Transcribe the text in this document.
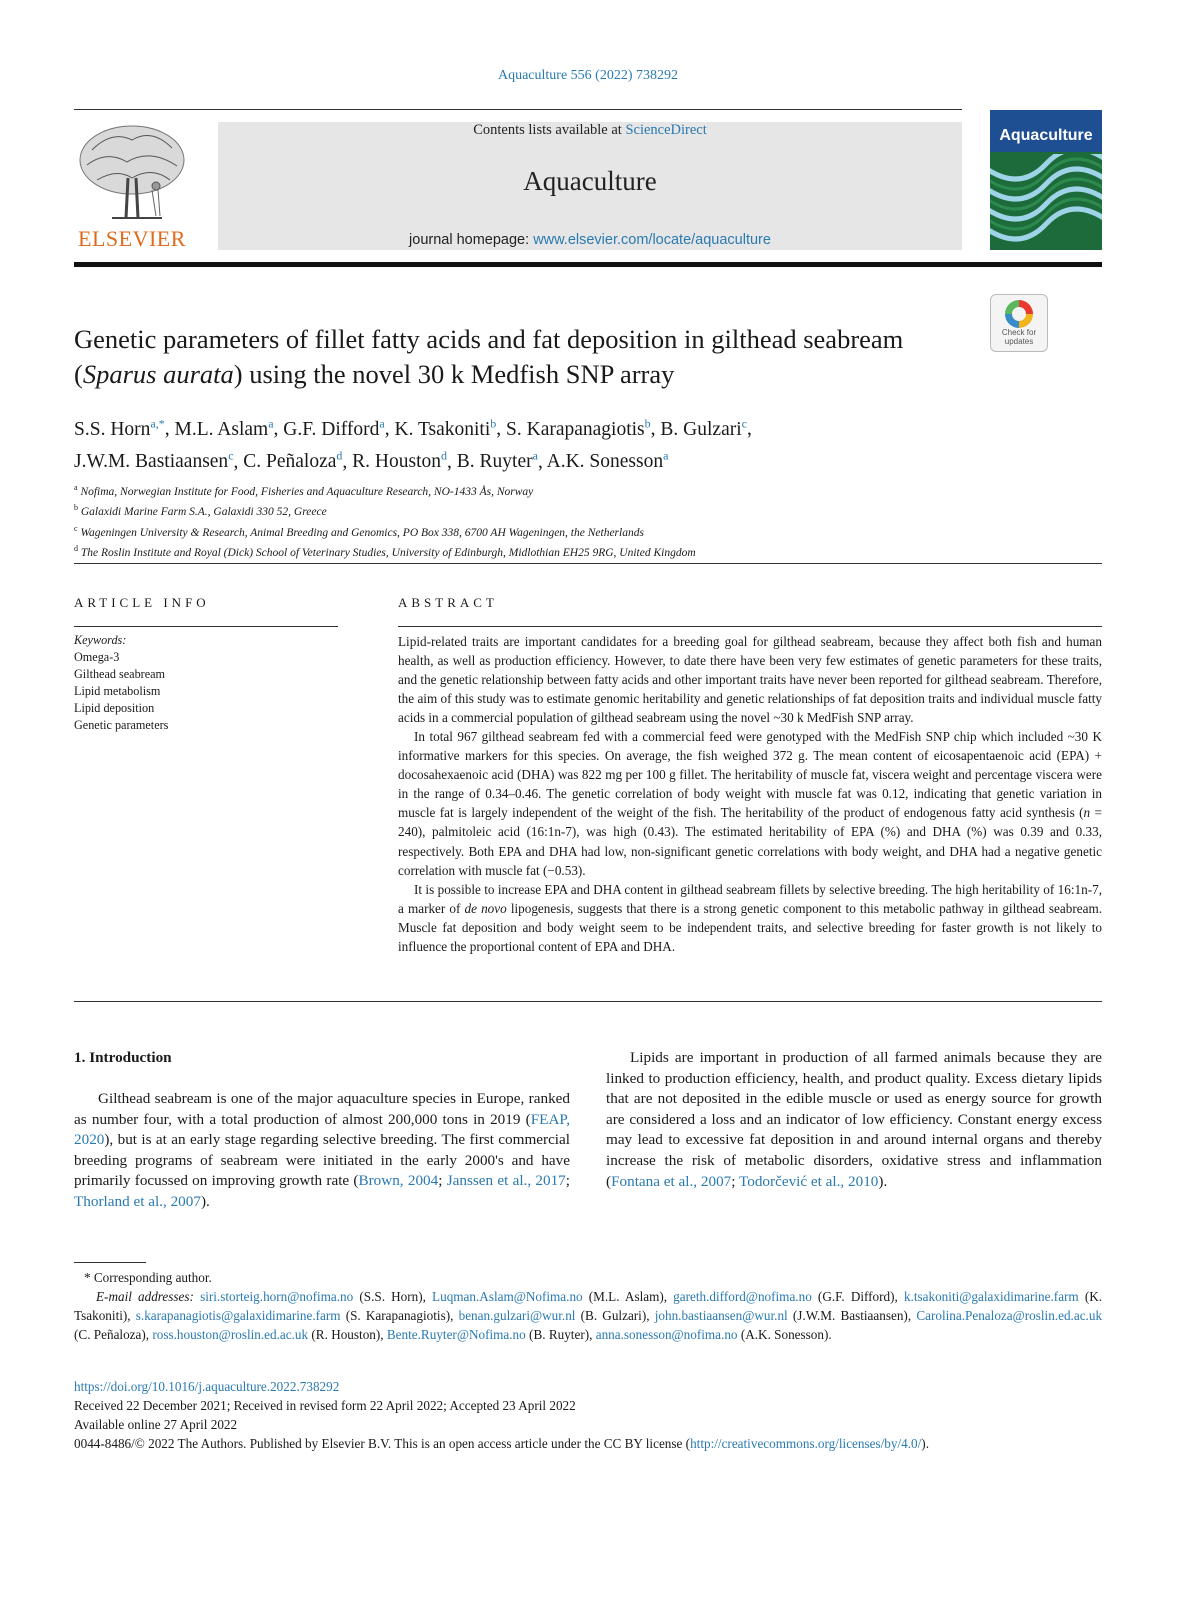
Aquaculture 556 (2022) 738292
ELSEVIER
Contents lists available at ScienceDirect
Aquaculture
journal homepage: www.elsevier.com/locate/aquaculture
Aquaculture
Check for updates
Genetic parameters of fillet fatty acids and fat deposition in gilthead seabream (Sparus aurata) using the novel 30 k Medfish SNP array
S.S. Horn$^{a,*}$, M.L. Aslam$^a$, G.F. Difford$^a$, K. Tsakoniti$^b$, S. Karapanagiotis$^b$, B. Gulzari$^c$,
J.W.M. Bastiaansen$^c$, C. Peñaloza$^d$, R. Houston$^d$, B. Ruyter$^a$, A.K. Sonesson$^a$
$^a$ Nofima, Norwegian Institute for Food, Fisheries and Aquaculture Research, NO-1433 Ås, Norway
$^b$ Galaxidi Marine Farm S.A., Galaxidi 330 52, Greece
$^c$ Wageningen University & Research, Animal Breeding and Genomics, PO Box 338, 6700 AH Wageningen, the Netherlands
$^d$ The Roslin Institute and Royal (Dick) School of Veterinary Studies, University of Edinburgh, Midlothian EH25 9RG, United Kingdom
ARTICLE INFO	ABSTRACT
Keywords:
Omega-3
Gilthead seabream
Lipid metabolism
Lipid deposition
Genetic parameters

Lipid-related traits are important candidates for a breeding goal for gilthead seabream, because they affect both fish and human health, as well as production efficiency. However, to date there have been very few estimates of genetic parameters for these traits, and the genetic relationship between fatty acids and other important traits have never been reported for gilthead seabream. Therefore, the aim of this study was to estimate genomic heritability and genetic relationships of fat deposition traits and individual muscle fatty acids in a commercial population of gilthead seabream using the novel ~30 k MedFish SNP array.

In total 967 gilthead seabream fed with a commercial feed were genotyped with the MedFish SNP chip which included ~30 K informative markers for this species. On average, the fish weighed 372 g. The mean content of eicosapentaenoic acid (EPA) + docosahexaenoic acid (DHA) was 822 mg per 100 g fillet. The heritability of muscle fat, viscera weight and percentage viscera were in the range of 0.34–0.46. The genetic correlation of body weight with muscle fat was 0.12, indicating that genetic variation in muscle fat is largely independent of the weight of the fish. The heritability of the product of endogenous fatty acid synthesis (n = 240), palmitoleic acid (16:1n-7), was high (0.43). The estimated heritability of EPA (%) and DHA (%) was 0.39 and 0.33, respectively. Both EPA and DHA had low, non-significant genetic correlations with body weight, and DHA had a negative genetic correlation with muscle fat (−0.53).

It is possible to increase EPA and DHA content in gilthead seabream fillets by selective breeding. The high heritability of 16:1n-7, a marker of de novo lipogenesis, suggests that there is a strong genetic component to this metabolic pathway in gilthead seabream. Muscle fat deposition and body weight seem to be independent traits, and selective breeding for faster growth is not likely to influence the proportional content of EPA and DHA.

1. Introduction

Gilthead seabream is one of the major aquaculture species in Europe, ranked as number four, with a total production of almost 200,000 tons in 2019 (FEAP, 2020), but is at an early stage regarding selective breeding. The first commercial breeding programs of seabream were initiated in the early 2000's and have primarily focussed on improving growth rate (Brown, 2004; Janssen et al., 2017; Thorland et al., 2007).

Lipids are important in production of all farmed animals because they are linked to production efficiency, health, and product quality. Excess dietary lipids that are not deposited in the edible muscle or used as energy source for growth are considered a loss and an indicator of low efficiency. Constant energy excess may lead to excessive fat deposition in and around internal organs and thereby increase the risk of metabolic disorders, oxidative stress and inflammation (Fontana et al., 2007; Todorčević et al., 2010).

* Corresponding author.
E-mail addresses: siri.storteig.horn@nofima.no (S.S. Horn), Luqman.Aslam@Nofima.no (M.L. Aslam), gareth.difford@nofima.no (G.F. Difford), k.tsakoniti@galaxidimarine.farm (K. Tsakoniti), s.karapanagiotis@galaxidimarine.farm (S. Karapanagiotis), benan.gulzari@wur.nl (B. Gulzari), john.bastiaansen@wur.nl (J.W.M. Bastiaansen), Carolina.Penaloza@roslin.ed.ac.uk (C. Peñaloza), ross.houston@roslin.ed.ac.uk (R. Houston), Bente.Ruyter@Nofima.no (B. Ruyter), anna.sonesson@nofima.no (A.K. Sonesson).
https://doi.org/10.1016/j.aquaculture.2022.738292
Received 22 December 2021; Received in revised form 22 April 2022; Accepted 23 April 2022
Available online 27 April 2022
0044-8486/© 2022 The Authors. Published by Elsevier B.V. This is an open access article under the CC BY license (http://creativecommons.org/licenses/by/4.0/).
